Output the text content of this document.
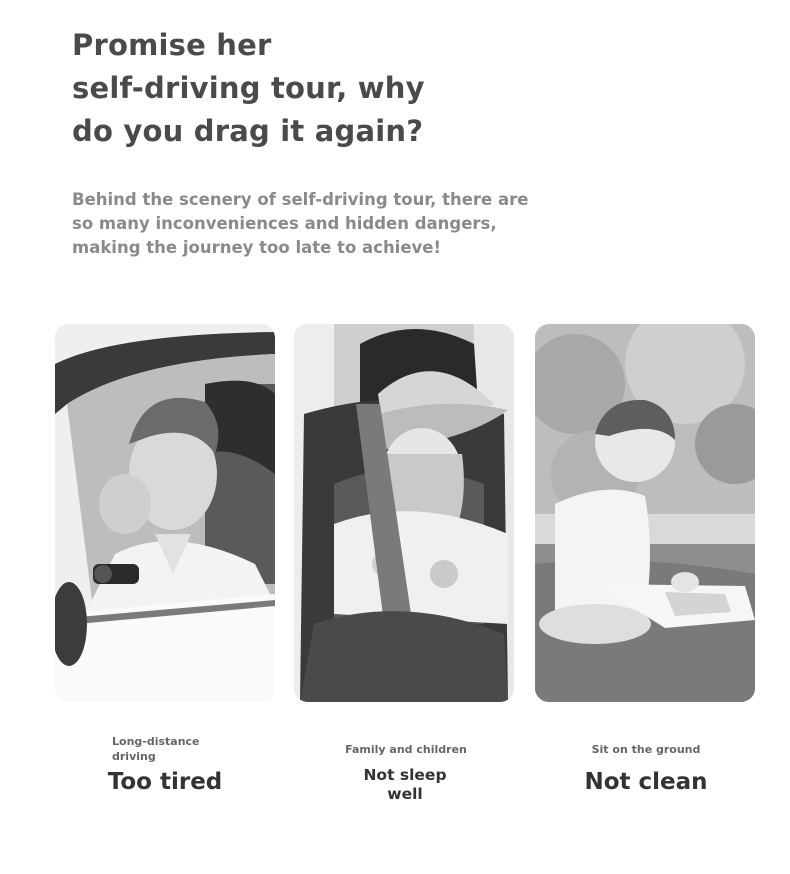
Promise her
self-driving tour, why
do you drag it again?

Behind the scenery of self-driving tour, there are
so many inconveniences and hidden dangers,
making the journey too late to achieve!

Long-distance driving

Too tired

Family and children

Not sleep well

Sit on the ground

Not clean
